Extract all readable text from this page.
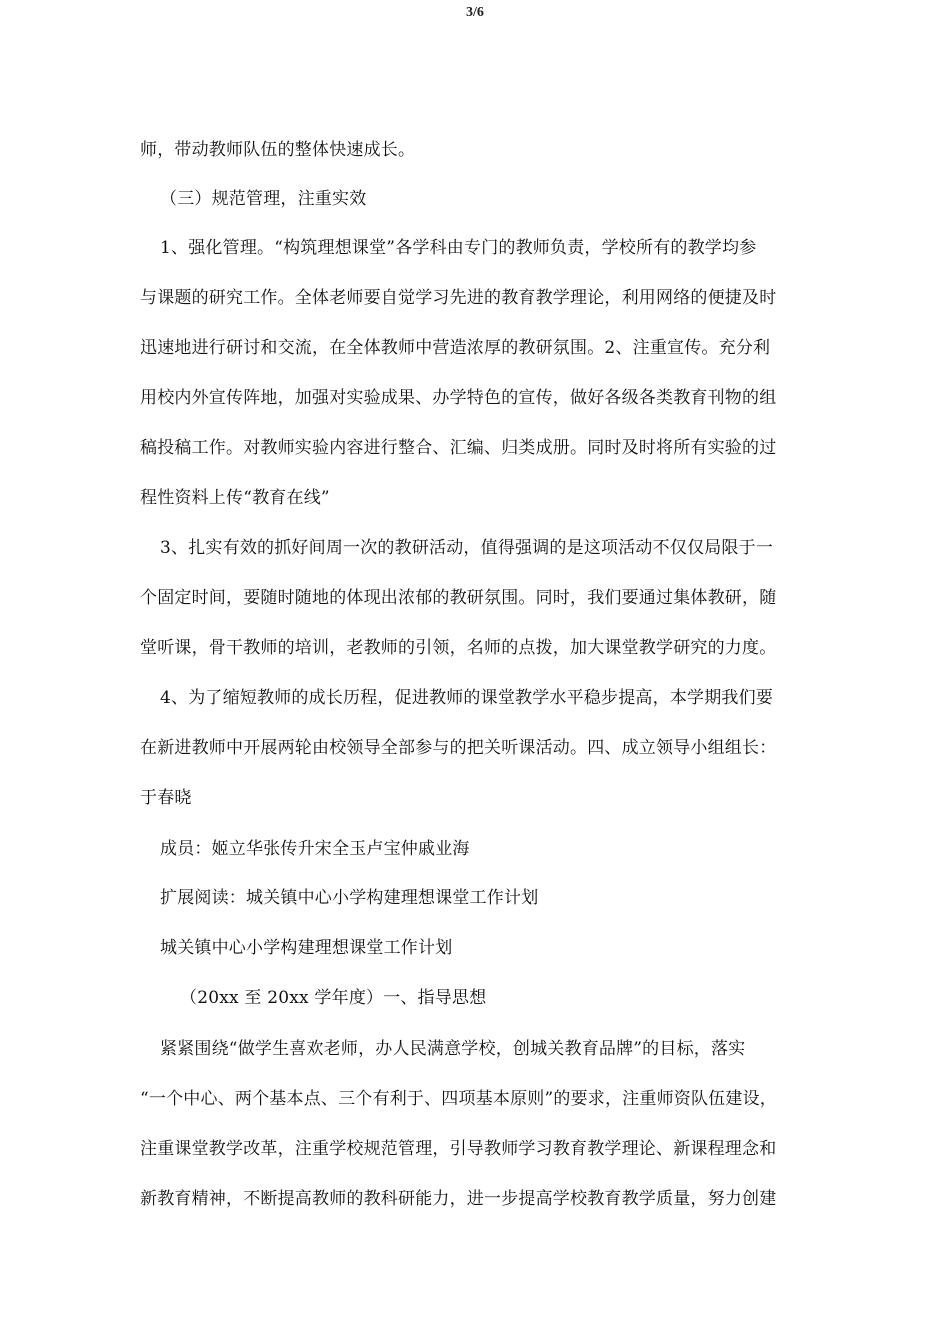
3/6
师，带动教师队伍的整体快速成长。
（三）规范管理，注重实效
1、强化管理。“构筑理想课堂”各学科由专门的教师负责，学校所有的教学均参
与课题的研究工作。全体老师要自觉学习先进的教育教学理论，利用网络的便捷及时
迅速地进行研讨和交流，在全体教师中营造浓厚的教研氛围。2、注重宣传。充分利
用校内外宣传阵地，加强对实验成果、办学特色的宣传，做好各级各类教育刊物的组
稿投稿工作。对教师实验内容进行整合、汇编、归类成册。同时及时将所有实验的过
程性资料上传“教育在线”
3、扎实有效的抓好间周一次的教研活动，值得强调的是这项活动不仅仅局限于一
个固定时间，要随时随地的体现出浓郁的教研氛围。同时，我们要通过集体教研，随
堂听课，骨干教师的培训，老教师的引领，名师的点拨，加大课堂教学研究的力度。
4、为了缩短教师的成长历程，促进教师的课堂教学水平稳步提高，本学期我们要
在新进教师中开展两轮由校领导全部参与的把关听课活动。四、成立领导小组组长：
于春晓
成员：姬立华张传升宋全玉卢宝仲戚业海
扩展阅读：城关镇中心小学构建理想课堂工作计划
城关镇中心小学构建理想课堂工作计划
（20xx 至 20xx 学年度）一、指导思想
紧紧围绕“做学生喜欢老师，办人民满意学校，创城关教育品牌”的目标，落实
“一个中心、两个基本点、三个有利于、四项基本原则”的要求，注重师资队伍建设，
注重课堂教学改革，注重学校规范管理，引导教师学习教育教学理论、新课程理念和
新教育精神，不断提高教师的教科研能力，进一步提高学校教育教学质量，努力创建
